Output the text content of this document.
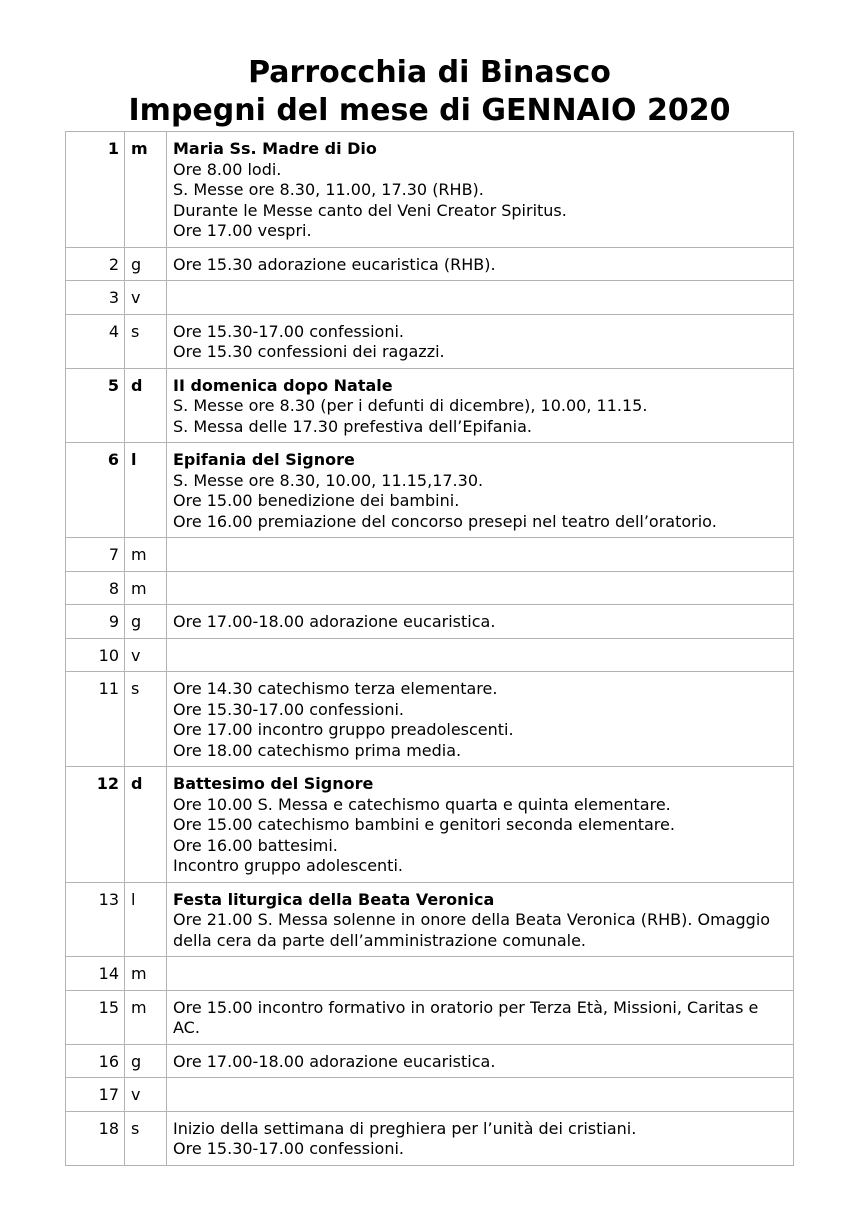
Parrocchia di Binasco
Impegni del mese di GENNAIO 2020
1	m	Maria Ss. Madre di Dio
Ore 8.00 lodi.
S. Messe ore 8.30, 11.00, 17.30 (RHB).
Durante le Messe canto del Veni Creator Spiritus.
Ore 17.00 vespri.

2	g	Ore 15.30 adorazione eucaristica (RHB).

3	v	
4	s	Ore 15.30-17.00 confessioni.
Ore 15.30 confessioni dei ragazzi.

5	d	II domenica dopo Natale
S. Messe ore 8.30 (per i defunti di dicembre), 10.00, 11.15.
S. Messa delle 17.30 prefestiva dell’Epifania.

6	l	Epifania del Signore
S. Messe ore 8.30, 10.00, 11.15,17.30.
Ore 15.00 benedizione dei bambini.
Ore 16.00 premiazione del concorso presepi nel teatro dell’oratorio.

7	m	
8	m	
9	g	Ore 17.00-18.00 adorazione eucaristica.

10	v	
11	s	Ore 14.30 catechismo terza elementare.
Ore 15.30-17.00 confessioni.
Ore 17.00 incontro gruppo preadolescenti.
Ore 18.00 catechismo prima media.

12	d	Battesimo del Signore
Ore 10.00 S. Messa e catechismo quarta e quinta elementare.
Ore 15.00 catechismo bambini e genitori seconda elementare.
Ore 16.00 battesimi.
Incontro gruppo adolescenti.

13	l	Festa liturgica della Beata Veronica
Ore 21.00 S. Messa solenne in onore della Beata Veronica (RHB). Omaggio della cera da parte dell’amministrazione comunale.

14	m	
15	m	Ore 15.00 incontro formativo in oratorio per Terza Età, Missioni, Caritas e AC.

16	g	Ore 17.00-18.00 adorazione eucaristica.

17	v	
18	s	Inizio della settimana di preghiera per l’unità dei cristiani.
Ore 15.30-17.00 confessioni.
